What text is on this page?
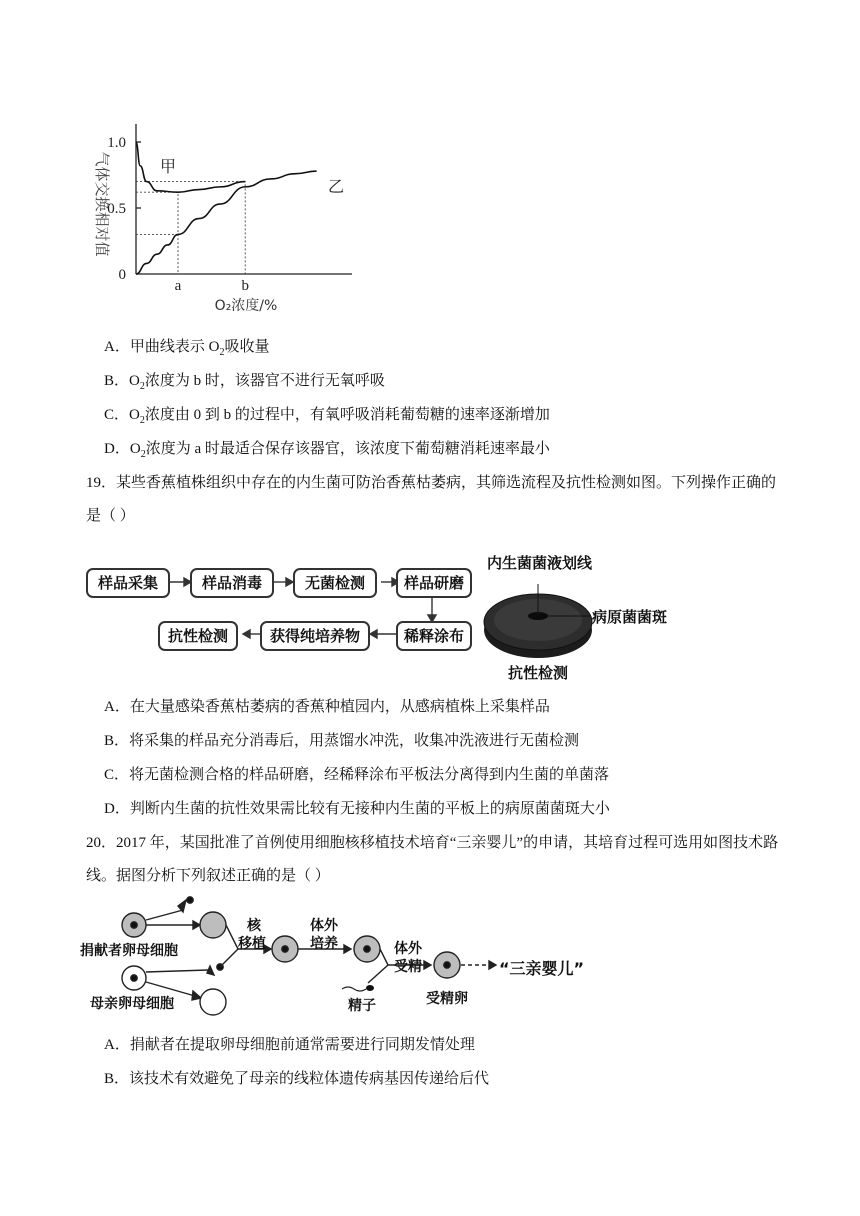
气体交换相对值
0
0.5
1.0
a	b
甲
乙
O₂浓度/%
A．甲曲线表示 $O_2$吸收量
B．$O_2$浓度为 b 时，该器官不进行无氧呼吸
C．$O_2$浓度由 0 到 b 的过程中，有氧呼吸消耗葡萄糖的速率逐渐增加
D．$O_2$浓度为 a 时最适合保存该器官，该浓度下葡萄糖消耗速率最小
19．某些香蕉植株组织中存在的内生菌可防治香蕉枯萎病，其筛选流程及抗性检测如图。下列操作正确的
是（ ）
样品采集	样品消毒	无菌检测	样品研磨
稀释涂布
获得纯培养物
抗性检测
内生菌菌液划线
病原菌菌斑
抗性检测
A．在大量感染香蕉枯萎病的香蕉种植园内，从感病植株上采集样品
B．将采集的样品充分消毒后，用蒸馏水冲洗，收集冲洗液进行无菌检测
C．将无菌检测合格的样品研磨，经稀释涂布平板法分离得到内生菌的单菌落
D．判断内生菌的抗性效果需比较有无接种内生菌的平板上的病原菌菌斑大小
20．2017 年，某国批准了首例使用细胞核移植技术培育“三亲婴儿”的申请，其培育过程可选用如图技术路
线。据图分析下列叙述正确的是（ ）
捐献者卵母细胞
母亲卵母细胞
核
移植
体外
培养	体外
受精
精子	受精卵
“三亲婴儿”
A．捐献者在提取卵母细胞前通常需要进行同期发情处理
B．该技术有效避免了母亲的线粒体遗传病基因传递给后代
